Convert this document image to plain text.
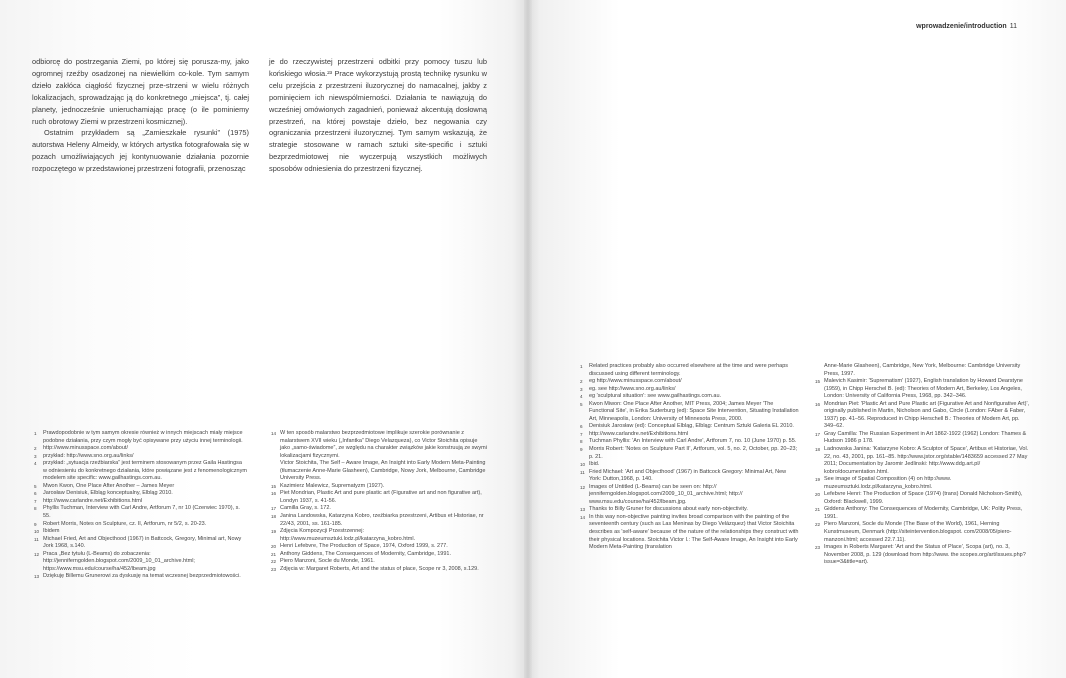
odbiorcę do postrzegania Ziemi, po której się porusza-my, jako ogromnej rzeźby osadzonej na niewielkim co-kole. Tym samym dzieło zakłóca ciągłość fizycznej prze-strzeni w wielu różnych lokalizacjach, sprowadzając ją do konkretnego „miejsca”, tj. całej planety, jednocześnie unieruchamiając pracę (o ile pominiemy ruch obrotowy Ziemi w przestrzeni kosmicznej).

Ostatnim przykładem są „Zamieszkałe rysunki” (1975) autorstwa Heleny Almeidy, w których artystka fotografowała się w pozach umożliwiających jej kontynuowanie działania pozornie rozpoczętego w przedstawionej przestrzeni fotografii, przenosząc

je do rzeczywistej przestrzeni odbitki przy pomocy tuszu lub końskiego włosia.²³ Prace wykorzystują prostą technikę rysunku w celu przejścia z przestrzeni iluzorycznej do namacalnej, jakby z pominięciem ich niewspólmierności. Działania te nawiązują do wcześniej omówionych zagadnień, ponieważ akcentują dosłowną przestrzeń, na której powstaje dzieło, bez negowania czy ograniczania przestrzeni iluzorycznej. Tym samym wskazują, że strategie stosowane w ramach sztuki site-specific i sztuki bezprzedmiotowej nie wyczerpują wszystkich możliwych sposobów odniesienia do przestrzeni fizycznej.

1 Prawdopodobnie w tym samym okresie również w innych miejscach miały miejsce podobne działania, przy czym mogły być opisywane przy użyciu innej terminologii.
2 http://www.minusspace.com/about/
3 przykład: http://www.sno.org.au/links/
4 przykład: „sytuacja rzeźbiarska” jest terminem stosowanym przez Gaila Hastingsa w odniesieniu do konkretnego działania, które powiązane jest z fenomenologicznym modelem site specific: www.gailhastings.com.au.
5 Mwon Kwon, One Place After Another – James Meyer
6 Jarosław Denisiuk, Elbląg konceptualny, Elbląg 2010.
7 http://www.carlandre.net/Exhibitions.html
8 Phyllis Tuchman, Interview with Carl Andre, Artforum 7, nr 10 (Czerwiec 1970), s. 55.
9 Robert Morris, Notes on Sculpture, cz. II, Artforum, nr 5/2, s. 20-23.
10 Ibidem
11 Michael Fried, Art and Objecthood (1967) in Battcock, Gregory, Minimal art, Nowy Jork 1968, s.140.
12 Praca „Bez tytułu (L-Beams) do zobaczenia: http://jenniferngolden.blogspot.com/2009_10_01_archive.html; https://www.msu.edu/course/ha/452/lbeam.jpg
13 Dziękuję Billemu Grunerowi za dyskusję na temat wczesnej bezprzedmiotowości.
14 W ten sposób malarstwo bezprzedmiotowe implikuje szerokie porównanie z malarstwem XVII wieku („Infantka” Diego Velazqueza), co Victor Stoichita opisuje jako „samo-świadome”, ze względu na charakter związków jakie konstruują ze swymi lokalizacjami fizycznymi.
Victor Stoichita, The Self – Aware Image, An Insight into Early Modern Meta-Painting (tłumaczenie Anne-Marie Glasheen), Cambridge, Nowy Jork, Melbourne, Cambridge University Press.
15 Kazimierz Malewicz, Suprematyzm (1927).
16 Piet Mondrian, Plastic Art and pure plastic art (Figurative art and non figurative art), Londyn 1937, s. 41-56.
17 Camilla Gray, s. 172.
18 Janina Landowska, Katarzyna Kobro, rzeźbiarka przestrzeni, Artibus et Historiae, nr 22/43, 2001, ss. 161-185.
19 Zdjęcia Kompozycji Przestrzennej: http://www.muzeumsztuki.lodz.pl/katarzyna_kobro.html.
20 Henri Lefebvre, The Production of Space, 1974, Oxford 1999, s. 277.
21 Anthony Giddens, The Consequences of Modernity, Cambridge, 1991.
22 Piero Manzoni, Socle du Monde, 1961.
23 Zdjęcia w: Margaret Roberts, Art and the status of place, Scope nr 3, 2008, s.129.
wprowadzenie/introduction 11
1 Related practices probably also occurred elsewhere at the time and were perhaps discussed using different terminology.
2 eg http://www.minusspace.com/about/
3 eg. see http://www.sno.org.au/links/
4 eg 'sculptural situation': see www.gailhastings.com.au.
5 Kwon Miwon: One Place After Another, MIT Press, 2004; James Meyer 'The Functional Site', in Erika Suderburg (ed): Space Site Intervention, Situating Installation Art, Minneapolis, London: University of Minnesota Press, 2000.
6 Denisiuk Jarosław (ed): Conceptual Elbląg, Elbląg: Centrum Sztuki Galeria EL 2010.
7 http://www.carlandre.net/Exhibitions.html
8 Tuchman Phyllis: 'An Interview with Carl Andre', Artforum 7, no. 10 (June 1970) p. 55.
9 Morris Robert: 'Notes on Sculpture Part II', Artforum, vol. 5, no. 2, October, pp. 20–23; p. 21.
10 Ibid.
11 Fried Michael: 'Art and Objecthood' (1967) in Battcock Gregory: Minimal Art, New York: Dutton,1968, p. 140.
12 Images of Untitled (L-Beams) can be seen on: http:// jenniferngolden.blogspot.com/2009_10_01_archive.html; http:// www.msu.edu/course/ha/452/lbeam.jpg.
13 Thanks to Billy Gruner for discussions about early non-objectivity.
14 In this way non-objective painting invites broad comparison with the painting of the seventeenth century (such as Las Meninas by Diego Velázquez) that Victor Stoichita describes as 'self-aware' because of the nature of the relationships they construct with their physical locations. Stoichita Victor I.: The Self-Aware Image, An Insight into Early Modern Meta-Painting (translation
Anne-Marie Glasheen), Cambridge, New York, Melbourne: Cambridge University Press, 1997.
15 Malevich Kasimir: 'Suprematism' (1927), English translation by Howard Dearstyne (1959), in Chipp Herschel B. (ed): Theories of Modern Art, Berkeley, Los Angeles, London: University of California Press, 1968, pp. 342–346.
16 Mondrian Piet: 'Plastic Art and Pure Plastic art (Figurative Art and Nonfigurative Art)', originally published in Martin, Nicholson and Gabo, Circle (London: FAber & Faber, 1937) pp. 41–56. Reproduced in Chipp Herschell B.: Theories of Modern Art, pp. 349–62.
17 Gray Camilla: The Russian Experiment in Art 1862-1922 (1962) London: Thames & Hudson 1986 p 178.
18 Ladnowska Janina: 'Katarzyne Kobro: A Sculptor of Space', Artibus et Historiae, Vol. 22, no. 43, 2001, pp. 161–85. http://www.jstor.org/stable/1483659 accessed 27 May 2011; Documentation by Jaromir Jedlinski: http://www.ddg.art.pl/ kobro/documentation.html.
19 See image of Spatial Composition (4) on http://www. muzeumsztuki.lodz.pl/katarzyna_kobro.html.
20 Lefebvre Henri: The Production of Space (1974) (trans) Donald Nicholson-Smith), Oxford: Blackwell, 1999.
21 Giddens Anthony: The Consequences of Modernity, Cambridge, UK: Polity Press, 1991.
22 Piero Manzoni, Socle du Monde (The Base of the World), 1961, Herning Kunstmuseum, Denmark (http://siteintervention.blogspot. com/2008/05/piero-manzoni.html; accessed 22.7.11).
23 Images in Roberts Margaret: 'Art and the Status of Place', Scopa (art), no. 3, November 2008, p. 129 (download from http://www. the scopes.org/art/issues.php?issue=3&title=art).
